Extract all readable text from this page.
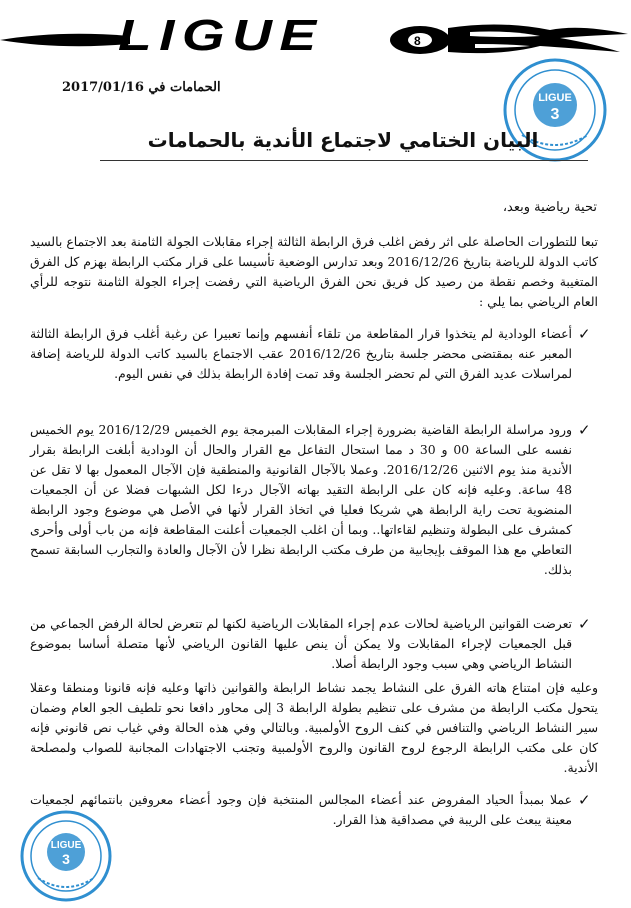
LIGUE	8
LIGUE
3
الحمامات في 2017/01/16
البيان الختامي لاجتماع الأندية بالحمامات
تحية رياضية وبعد،
تبعا للتطورات الحاصلة على اثر رفض اغلب فرق الرابطة الثالثة إجراء مقابلات الجولة الثامنة بعد الاجتماع بالسيد كاتب الدولة للرياضة بتاريخ 2016/12/26 وبعد تدارس الوضعية تأسيسا على قرار مكتب الرابطة بهزم كل الفرق المتغيبة وخصم نقطة من رصيد كل فريق نحن الفرق الرياضية التي رفضت إجراء الجولة الثامنة نتوجه للرأي العام الرياضي بما يلي :
✓
أعضاء الودادية لم يتخذوا قرار المقاطعة من تلقاء أنفسهم وإنما تعبيرا عن رغبة أغلب فرق الرابطة الثالثة المعبر عنه بمقتضى محضر جلسة بتاريخ 2016/12/26 عقب الاجتماع بالسيد كاتب الدولة للرياضة إضافة لمراسلات عديد الفرق التي لم تحضر الجلسة وقد تمت إفادة الرابطة بذلك في نفس اليوم.
✓
ورود مراسلة الرابطة القاضية بضرورة إجراء المقابلات المبرمجة يوم الخميس 2016/12/29 يوم الخميس نفسه على الساعة 00 و 30 د مما استحال التفاعل مع القرار والحال أن الودادية أبلغت الرابطة بقرار الأندية منذ يوم الاثنين 2016/12/26. وعملا بالآجال القانونية والمنطقية فإن الآجال المعمول بها لا تقل عن 48 ساعة. وعليه فإنه كان على الرابطة التقيد بهاته الآجال درءا لكل الشبهات فضلا عن أن الجمعيات المنضوية تحت راية الرابطة هي شريكا فعليا في اتخاذ القرار لأنها في الأصل هي موضوع وجود الرابطة كمشرف على البطولة وتنظيم لقاءاتها.. وبما أن اغلب الجمعيات أعلنت المقاطعة فإنه من باب أولى وأحرى التعاطي مع هذا الموقف بإيجابية من طرف مكتب الرابطة نظرا لأن الآجال والعادة والتجارب السابقة تسمح بذلك.
✓
تعرضت القوانين الرياضية لحالات عدم إجراء المقابلات الرياضية لكنها لم تتعرض لحالة الرفض الجماعي من قبل الجمعيات لإجراء المقابلات ولا يمكن أن ينص عليها القانون الرياضي لأنها متصلة أساسا بموضوع النشاط الرياضي وهي سبب وجود الرابطة أصلا.
وعليه فإن امتناع هاته الفرق على النشاط يجمد نشاط الرابطة والقوانين ذاتها وعليه فإنه قانونا ومنطقا وعقلا يتحول مكتب الرابطة من مشرف على تنظيم بطولة الرابطة 3 إلى محاور دافعا نحو تلطيف الجو العام وضمان سير النشاط الرياضي والتنافس في كنف الروح الأولمبية. وبالتالي وفي هذه الحالة وفي غياب نص قانوني فإنه كان على مكتب الرابطة الرجوع لروح القانون والروح الأولمبية وتجنب الاجتهادات المجانبة للصواب ولمصلحة الأندية.
✓
عملا بمبدأ الحياد المفروض عند أعضاء المجالس المنتخبة فإن وجود أعضاء معروفين بانتمائهم لجمعيات معينة يبعث على الريبة في مصداقية هذا القرار.
LIGUE
3
